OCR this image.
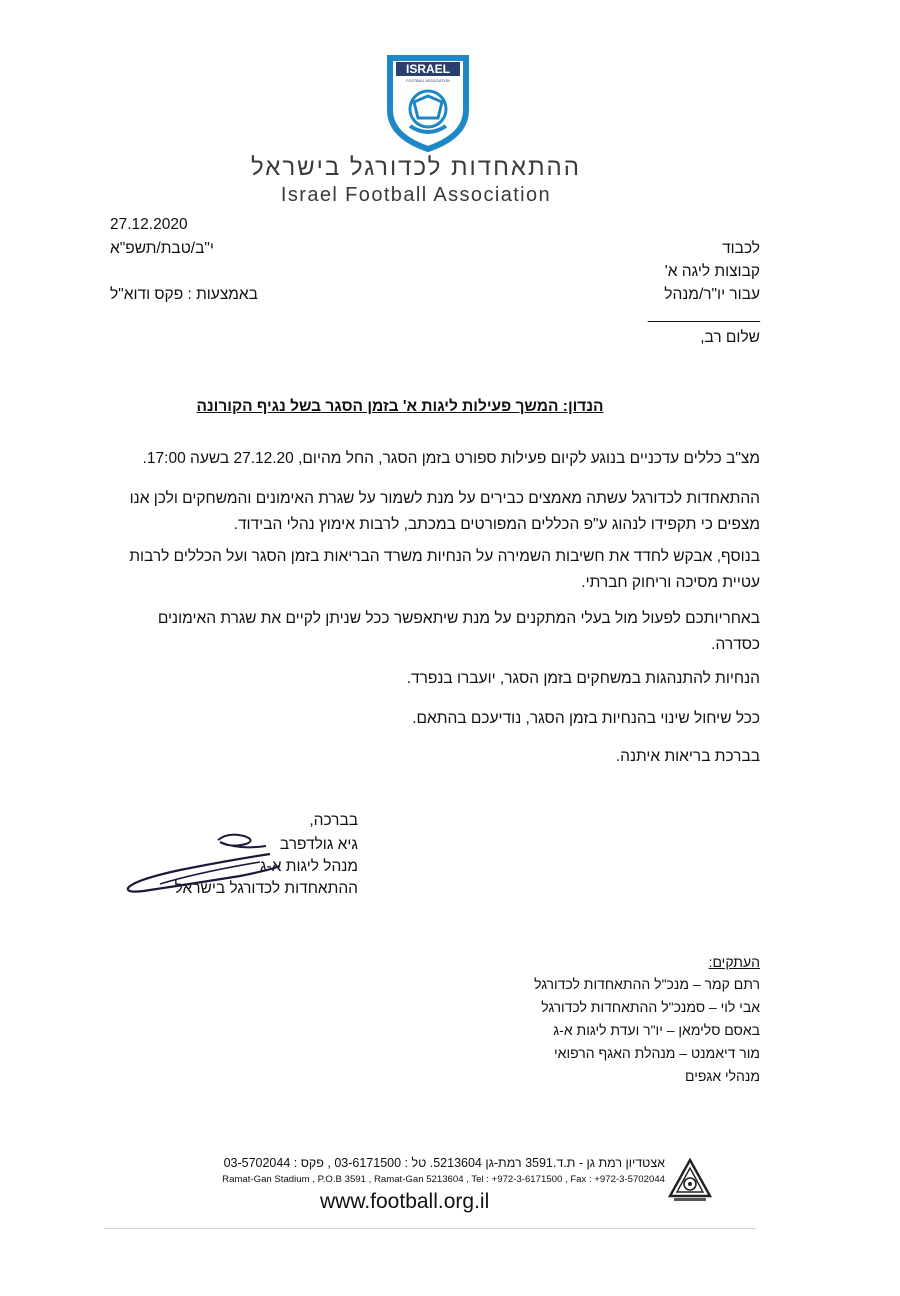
ISRAEL
FOOTBALL ASSOCIATION
ההתאחדות לכדורגל בישראל
Israel Football Association
27.12.2020
י"ב/טבת/תשפ"א
באמצעות : פקס ודוא"ל
לכבוד
קבוצות ליגה א'
עבור יו"ר/מנהל
_____________
שלום רב,
הנדון: המשך פעילות ליגות א' בזמן הסגר בשל נגיף הקורונה
מצ"ב כללים עדכניים בנוגע לקיום פעילות ספורט בזמן הסגר, החל מהיום, 27.12.20 בשעה 17:00.
ההתאחדות לכדורגל עשתה מאמצים כבירים על מנת לשמור על שגרת האימונים והמשחקים ולכן אנו מצפים כי תקפידו לנהוג ע"פ הכללים המפורטים במכתב, לרבות אימוץ נהלי הבידוד.
בנוסף, אבקש לחדד את חשיבות השמירה על הנחיות משרד הבריאות בזמן הסגר ועל הכללים לרבות עטיית מסיכה וריחוק חברתי.
באחריותכם לפעול מול בעלי המתקנים על מנת שיתאפשר ככל שניתן לקיים את שגרת האימונים כסדרה.
הנחיות להתנהגות במשחקים בזמן הסגר, יועברו בנפרד.
ככל שיחול שינוי בהנחיות בזמן הסגר, נודיעכם בהתאם.
בברכת בריאות איתנה.
בברכה,
גיא גולדפרב
מנהל ליגות א-ג
ההתאחדות לכדורגל בישראל
העתקים:
רתם קמר – מנכ"ל ההתאחדות לכדורגל
אבי לוי – סמנכ"ל ההתאחדות לכדורגל
באסם סלימאן – יו"ר ועדת ליגות א-ג
מור דיאמנט – מנהלת האגף הרפואי
מנהלי אגפים
אצטדיון רמת גן - ת.ד.3591 רמת-גן 5213604. טל : 03-6171500 , פקס : 03-5702044
Ramat-Gan Stadium , P.O.B 3591 , Ramat-Gan 5213604 , Tel : +972-3-6171500 , Fax : +972-3-5702044
www.football.org.il
